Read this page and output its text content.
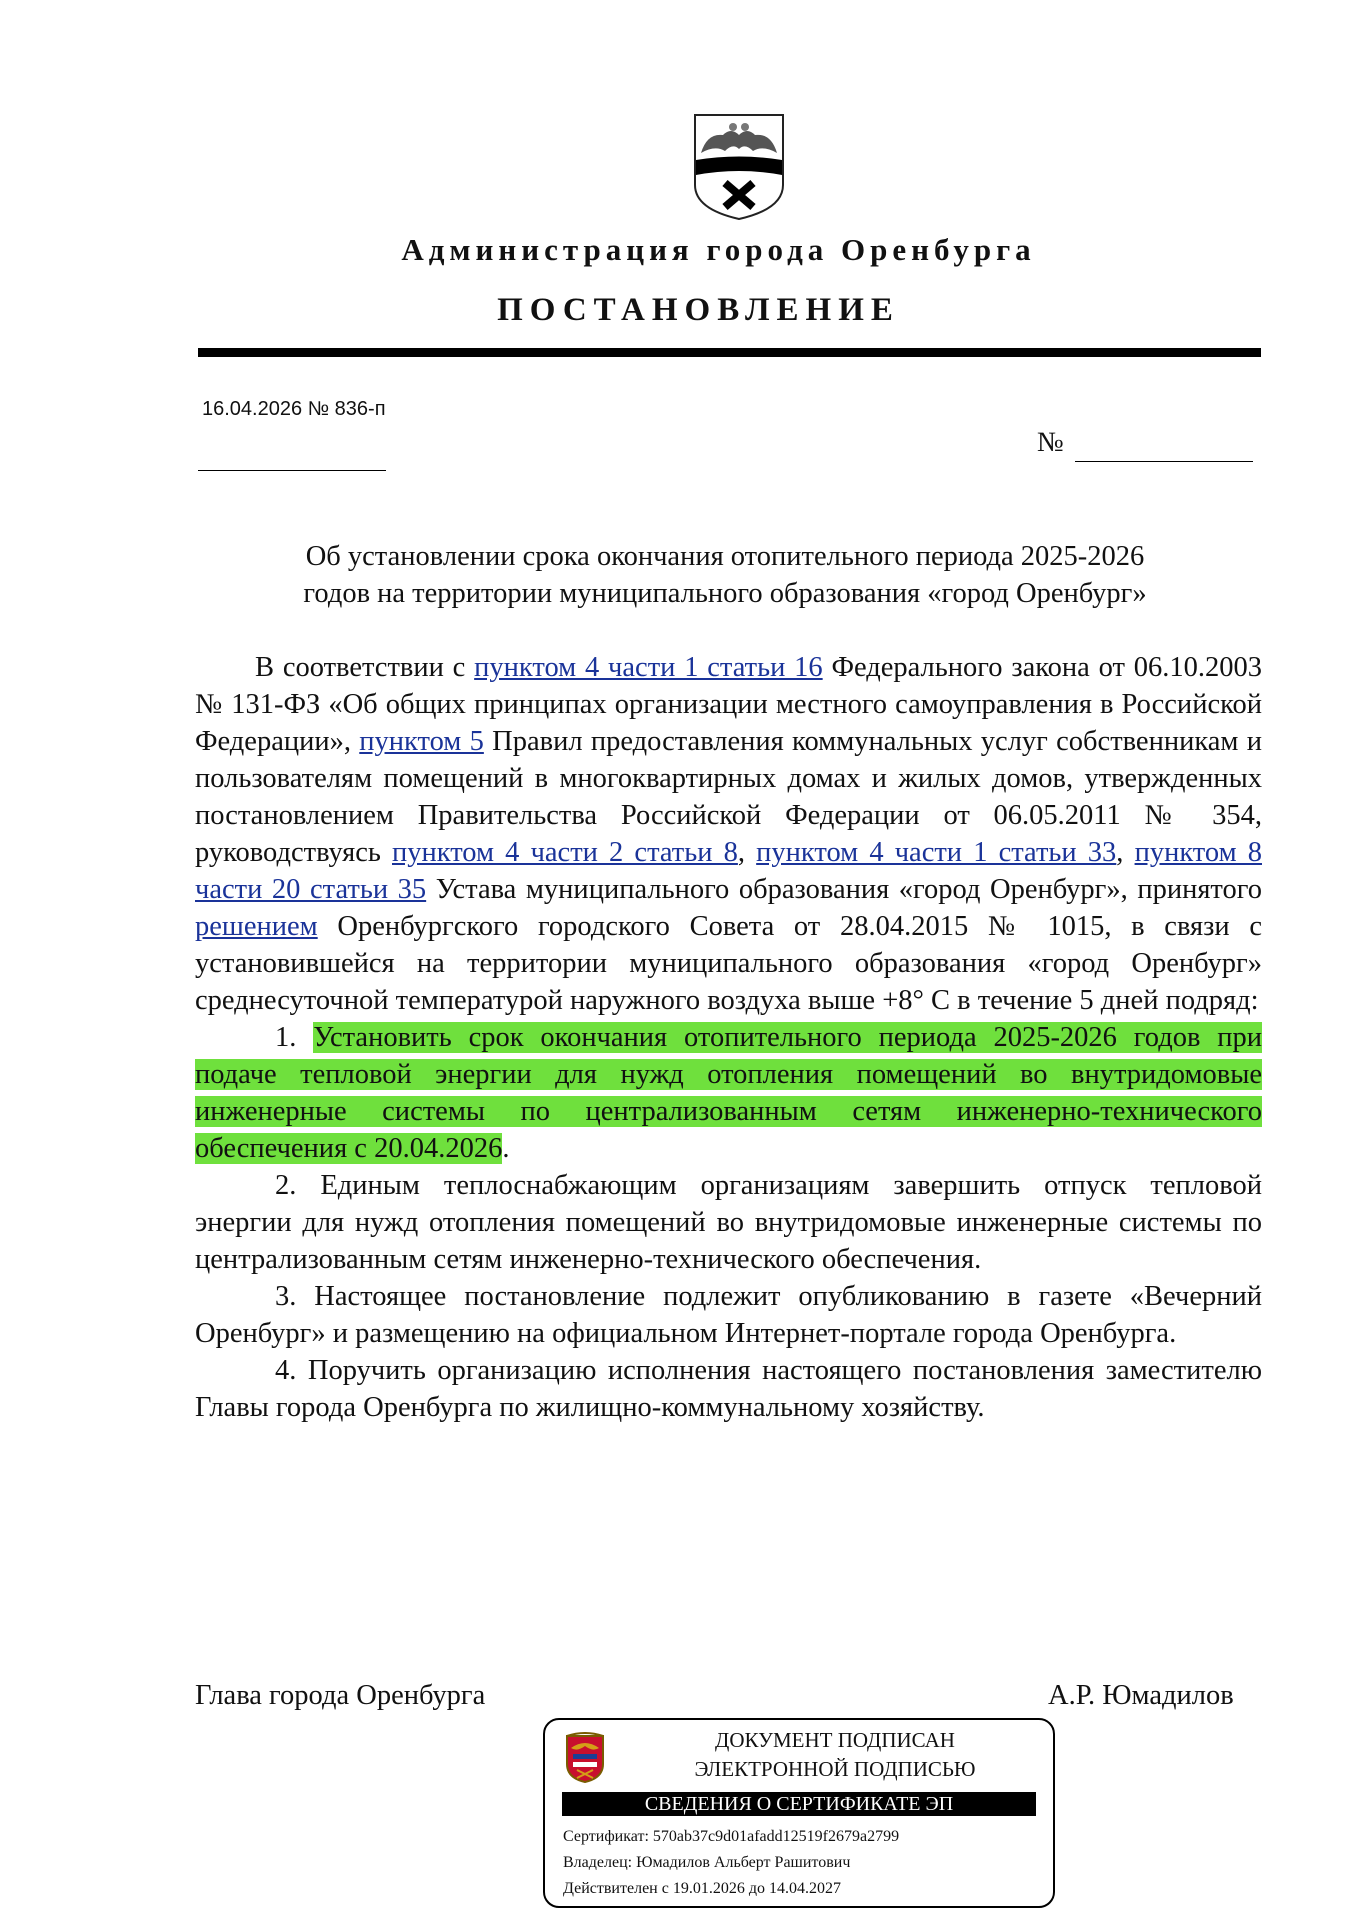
Администрация города Оренбурга
ПОСТАНОВЛЕНИЕ
16.04.2026 № 836-п
№
Об установлении срока окончания отопительного периода 2025-2026
годов на территории муниципального образования «город Оренбург»

В соответствии с пунктом 4 части 1 статьи 16 Федерального закона от 06.10.2003 № 131-ФЗ «Об общих принципах организации местного самоуправления в Российской Федерации», пунктом 5 Правил предоставления коммунальных услуг собственникам и пользователям помещений в многоквартирных домах и жилых домов, утвержденных постановлением Правительства Российской Федерации от 06.05.2011 № 354, руководствуясь пунктом 4 части 2 статьи 8, пунктом 4 части 1 статьи 33, пунктом 8 части 20 статьи 35 Устава муниципального образования «город Оренбург», принятого решением Оренбургского городского Совета от 28.04.2015 № 1015, в связи с установившейся на территории муниципального образования «город Оренбург» среднесуточной температурой наружного воздуха выше +8° С в течение 5 дней подряд:

1. Установить срок окончания отопительного периода 2025-2026 годов при подаче тепловой энергии для нужд отопления помещений во внутридомовые инженерные системы по централизованным сетям инженерно-технического обеспечения с 20.04.2026.

2. Единым теплоснабжающим организациям завершить отпуск тепловой энергии для нужд отопления помещений во внутридомовые инженерные системы по централизованным сетям инженерно-технического обеспечения.

3. Настоящее постановление подлежит опубликованию в газете «Вечерний Оренбург» и размещению на официальном Интернет-портале города Оренбурга.

4. Поручить организацию исполнения настоящего постановления заместителю Главы города Оренбурга по жилищно-коммунальному хозяйству.

Глава города Оренбурга	А.Р. Юмадилов
ДОКУМЕНТ ПОДПИСАН
ЭЛЕКТРОННОЙ ПОДПИСЬЮ
СВЕДЕНИЯ О СЕРТИФИКАТЕ ЭП
Сертификат: 570ab37c9d01afadd12519f2679a2799
Владелец: Юмадилов Альберт Рашитович
Действителен с 19.01.2026 до 14.04.2027
